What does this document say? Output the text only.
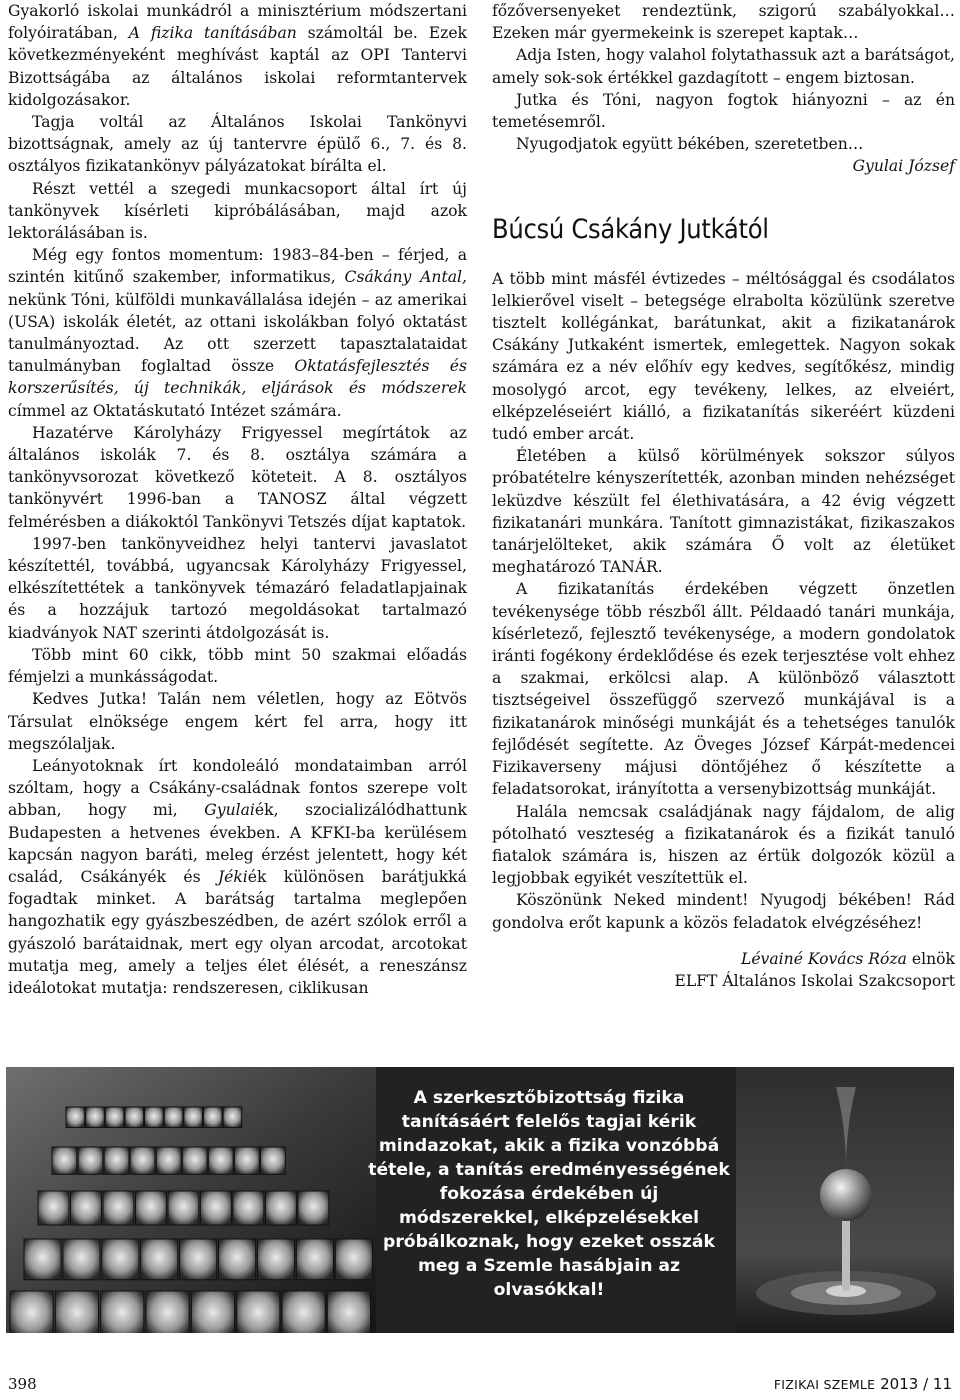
Gyakorló iskolai munkádról a minisztérium módszertani folyóiratában, A fizika tanításában számoltál be. Ezek következményeként meghívást kaptál az OPI Tantervi Bizottságába az általános iskolai reformtantervek kidolgozásakor.

Tagja voltál az Általános Iskolai Tankönyvi bizottságnak, amely az új tantervre épülő 6., 7. és 8. osztályos fizikatankönyv pályázatokat bírálta el.

Részt vettél a szegedi munkacsoport által írt új tankönyvek kísérleti kipróbálásában, majd azok lektorálásában is.

Még egy fontos momentum: 1983–84-ben – férjed, a szintén kitűnő szakember, informatikus, Csákány Antal, nekünk Tóni, külföldi munkavállalása idején – az amerikai (USA) iskolák életét, az ottani iskolákban folyó oktatást tanulmányoztad. Az ott szerzett tapasztalataidat tanulmányban foglaltad össze Oktatásfejlesztés és korszerűsítés, új technikák, eljárások és módszerek címmel az Oktatáskutató Intézet számára.

Hazatérve Károlyházy Frigyessel megírtátok az általános iskolák 7. és 8. osztálya számára a tankönyvsorozat következő köteteit. A 8. osztályos tankönyvért 1996-ban a TANOSZ által végzett felmérésben a diákoktól Tankönyvi Tetszés díjat kaptatok.

1997-ben tankönyveidhez helyi tantervi javaslatot készítettél, továbbá, ugyancsak Károlyházy Frigyessel, elkészítettétek a tankönyvek témazáró feladatlapjainak és a hozzájuk tartozó megoldásokat tartalmazó kiadványok NAT szerinti átdolgozását is.

Több mint 60 cikk, több mint 50 szakmai előadás fémjelzi a munkásságodat.

Kedves Jutka! Talán nem véletlen, hogy az Eötvös Társulat elnöksége engem kért fel arra, hogy itt megszólaljak.

Leányotoknak írt kondoleáló mondataimban arról szóltam, hogy a Csákány-családnak fontos szerepe volt abban, hogy mi, Gyulaiék, szocializálódhattunk Budapesten a hetvenes években. A KFKI-ba kerülésem kapcsán nagyon baráti, meleg érzést jelentett, hogy két család, Csákányék és Jékiék különösen barátjukká fogadtak minket. A barátság tartalma meglepően hangozhatik egy gyászbeszédben, de azért szólok erről a gyászoló barátaidnak, mert egy olyan arcodat, arcotokat mutatja meg, amely a teljes élet élését, a reneszánsz ideálotokat mutatja: rendszeresen, ciklikusan

főzőversenyeket rendeztünk, szigorú szabályokkal… Ezeken már gyermekeink is szerepet kaptak…

Adja Isten, hogy valahol folytathassuk azt a barátságot, amely sok-sok értékkel gazdagított – engem biztosan.

Jutka és Tóni, nagyon fogtok hiányozni – az én temetésemről.

Nyugodjatok együtt békében, szeretetben…

Gyulai József

Búcsú Csákány Jutkától

A több mint másfél évtizedes – méltósággal és csodálatos lelkierővel viselt – betegsége elrabolta közülünk szeretve tisztelt kollégánkat, barátunkat, akit a fizikatanárok Csákány Jutkaként ismertek, emlegettek. Nagyon sokak számára ez a név előhív egy kedves, segítőkész, mindig mosolygó arcot, egy tevékeny, lelkes, az elveiért, elképzeléseiért kiálló, a fizikatanítás sikeréért küzdeni tudó ember arcát.

Életében a külső körülmények sokszor súlyos próbatételre kényszerítették, azonban minden nehézséget leküzdve készült fel élethivatására, a 42 évig végzett fizikatanári munkára. Tanított gimnazistákat, fizikaszakos tanárjelölteket, akik számára Ő volt az életüket meghatározó TANÁR.

A fizikatanítás érdekében végzett önzetlen tevékenysége több részből állt. Példaadó tanári munkája, kísérletező, fejlesztő tevékenysége, a modern gondolatok iránti fogékony érdeklődése és ezek terjesztése volt ehhez a szakmai, erkölcsi alap. A különböző választott tisztségeivel összefüggő szervező munkájával is a fizikatanárok minőségi munkáját és a tehetséges tanulók fejlődését segítette. Az Öveges József Kárpát-medencei Fizikaverseny májusi döntőjéhez ő készítette a feladatsorokat, irányította a versenybizottság munkáját.

Halála nemcsak családjának nagy fájdalom, de alig pótolható veszteség a fizikatanárok és a fizikát tanuló fiatalok számára is, hiszen az értük dolgozók közül a legjobbak egyikét veszítettük el.

Köszönünk Neked mindent! Nyugodj békében! Rád gondolva erőt kapunk a közös feladatok elvégzéséhez!

Lévainé Kovács Róza elnök

ELFT Általános Iskolai Szakcsoport

A szerkesztőbizottság fizika tanításáért felelős tagjai kérik mindazokat, akik a fizika vonzóbbá tétele, a tanítás eredményességének fokozása érdekében új módszerekkel, elképzelésekkel próbálkoznak, hogy ezeket osszák meg a Szemle hasábjain az olvasókkal!
398	FIZIKAI SZEMLE 2013 / 11
